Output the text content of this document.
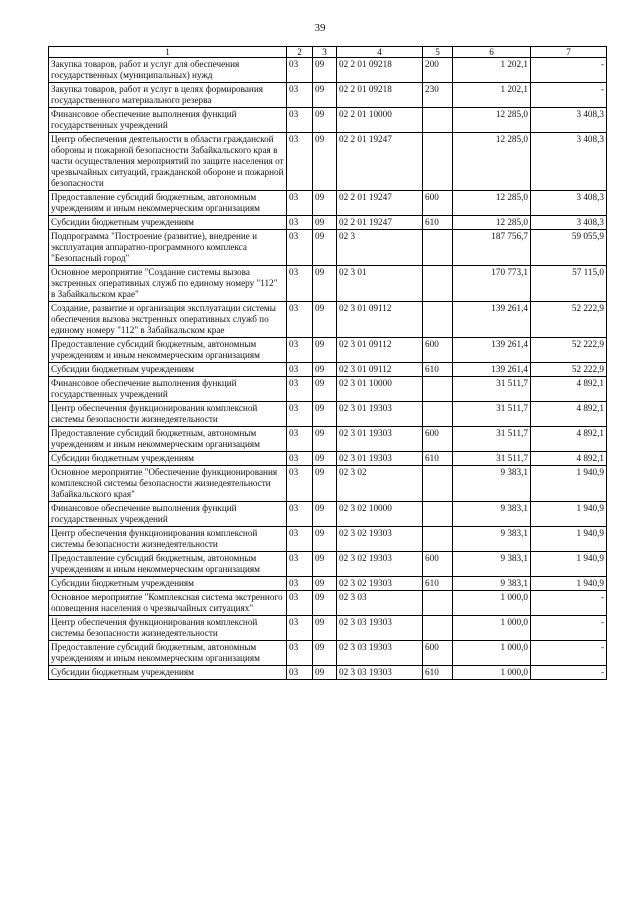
39
1	2	3	4	5	6	7
Закупка товаров, работ и услуг для обеспечения государственных (муниципальных) нужд	03	09	02 2 01 09218	200	1 202,1	-
Закупка товаров, работ и услуг в целях формирования государственного материального резерва	03	09	02 2 01 09218	230	1 202,1	-
Финансовое обеспечение выполнения функций государственных учреждений	03	09	02 2 01 10000		12 285,0	3 408,3
Центр обеспечения деятельности в области гражданской обороны и пожарной безопасности Забайкальского края в части осуществления мероприятий по защите населения от чрезвычайных ситуаций, гражданской обороне и пожарной безопасности	03	09	02 2 01 19247		12 285,0	3 408,3
Предоставление субсидий бюджетным, автономным учреждениям и иным некоммерческим организациям	03	09	02 2 01 19247	600	12 285,0	3 408,3
Субсидии бюджетным учреждениям	03	09	02 2 01 19247	610	12 285,0	3 408,3
Подпрограмма "Построение (развитие), внедрение и эксплуатация аппаратно-программного комплекса "Безопасный город"	03	09	02 3		187 756,7	59 055,9
Основное мероприятие "Создание системы вызова экстренных оперативных служб по единому номеру "112" в Забайкальском крае"	03	09	02 3 01		170 773,1	57 115,0
Создание, развитие и организация эксплуатации системы обеспечения вызова экстренных оперативных служб по единому номеру "112" в Забайкальском крае	03	09	02 3 01 09112		139 261,4	52 222,9
Предоставление субсидий бюджетным, автономным учреждениям и иным некоммерческим организациям	03	09	02 3 01 09112	600	139 261,4	52 222,9
Субсидии бюджетным учреждениям	03	09	02 3 01 09112	610	139 261,4	52 222,9
Финансовое обеспечение выполнения функций государственных учреждений	03	09	02 3 01 10000		31 511,7	4 892,1
Центр обеспечения функционирования комплексной системы безопасности жизнедеятельности	03	09	02 3 01 19303		31 511,7	4 892,1
Предоставление субсидий бюджетным, автономным учреждениям и иным некоммерческим организациям	03	09	02 3 01 19303	600	31 511,7	4 892,1
Субсидии бюджетным учреждениям	03	09	02 3 01 19303	610	31 511,7	4 892,1
Основное мероприятие "Обеспечение функционирования комплексной системы безопасности жизнедеятельности Забайкальского края"	03	09	02 3 02		9 383,1	1 940,9
Финансовое обеспечение выполнения функций государственных учреждений	03	09	02 3 02 10000		9 383,1	1 940,9
Центр обеспечения функционирования комплексной системы безопасности жизнедеятельности	03	09	02 3 02 19303		9 383,1	1 940,9
Предоставление субсидий бюджетным, автономным учреждениям и иным некоммерческим организациям	03	09	02 3 02 19303	600	9 383,1	1 940,9
Субсидии бюджетным учреждениям	03	09	02 3 02 19303	610	9 383,1	1 940,9
Основное мероприятие "Комплексная система экстренного оповещения населения о чрезвычайных ситуациях"	03	09	02 3 03		1 000,0	-
Центр обеспечения функционирования комплексной системы безопасности жизнедеятельности	03	09	02 3 03 19303		1 000,0	-
Предоставление субсидий бюджетным, автономным учреждениям и иным некоммерческим организациям	03	09	02 3 03 19303	600	1 000,0	-
Субсидии бюджетным учреждениям	03	09	02 3 03 19303	610	1 000,0	-
